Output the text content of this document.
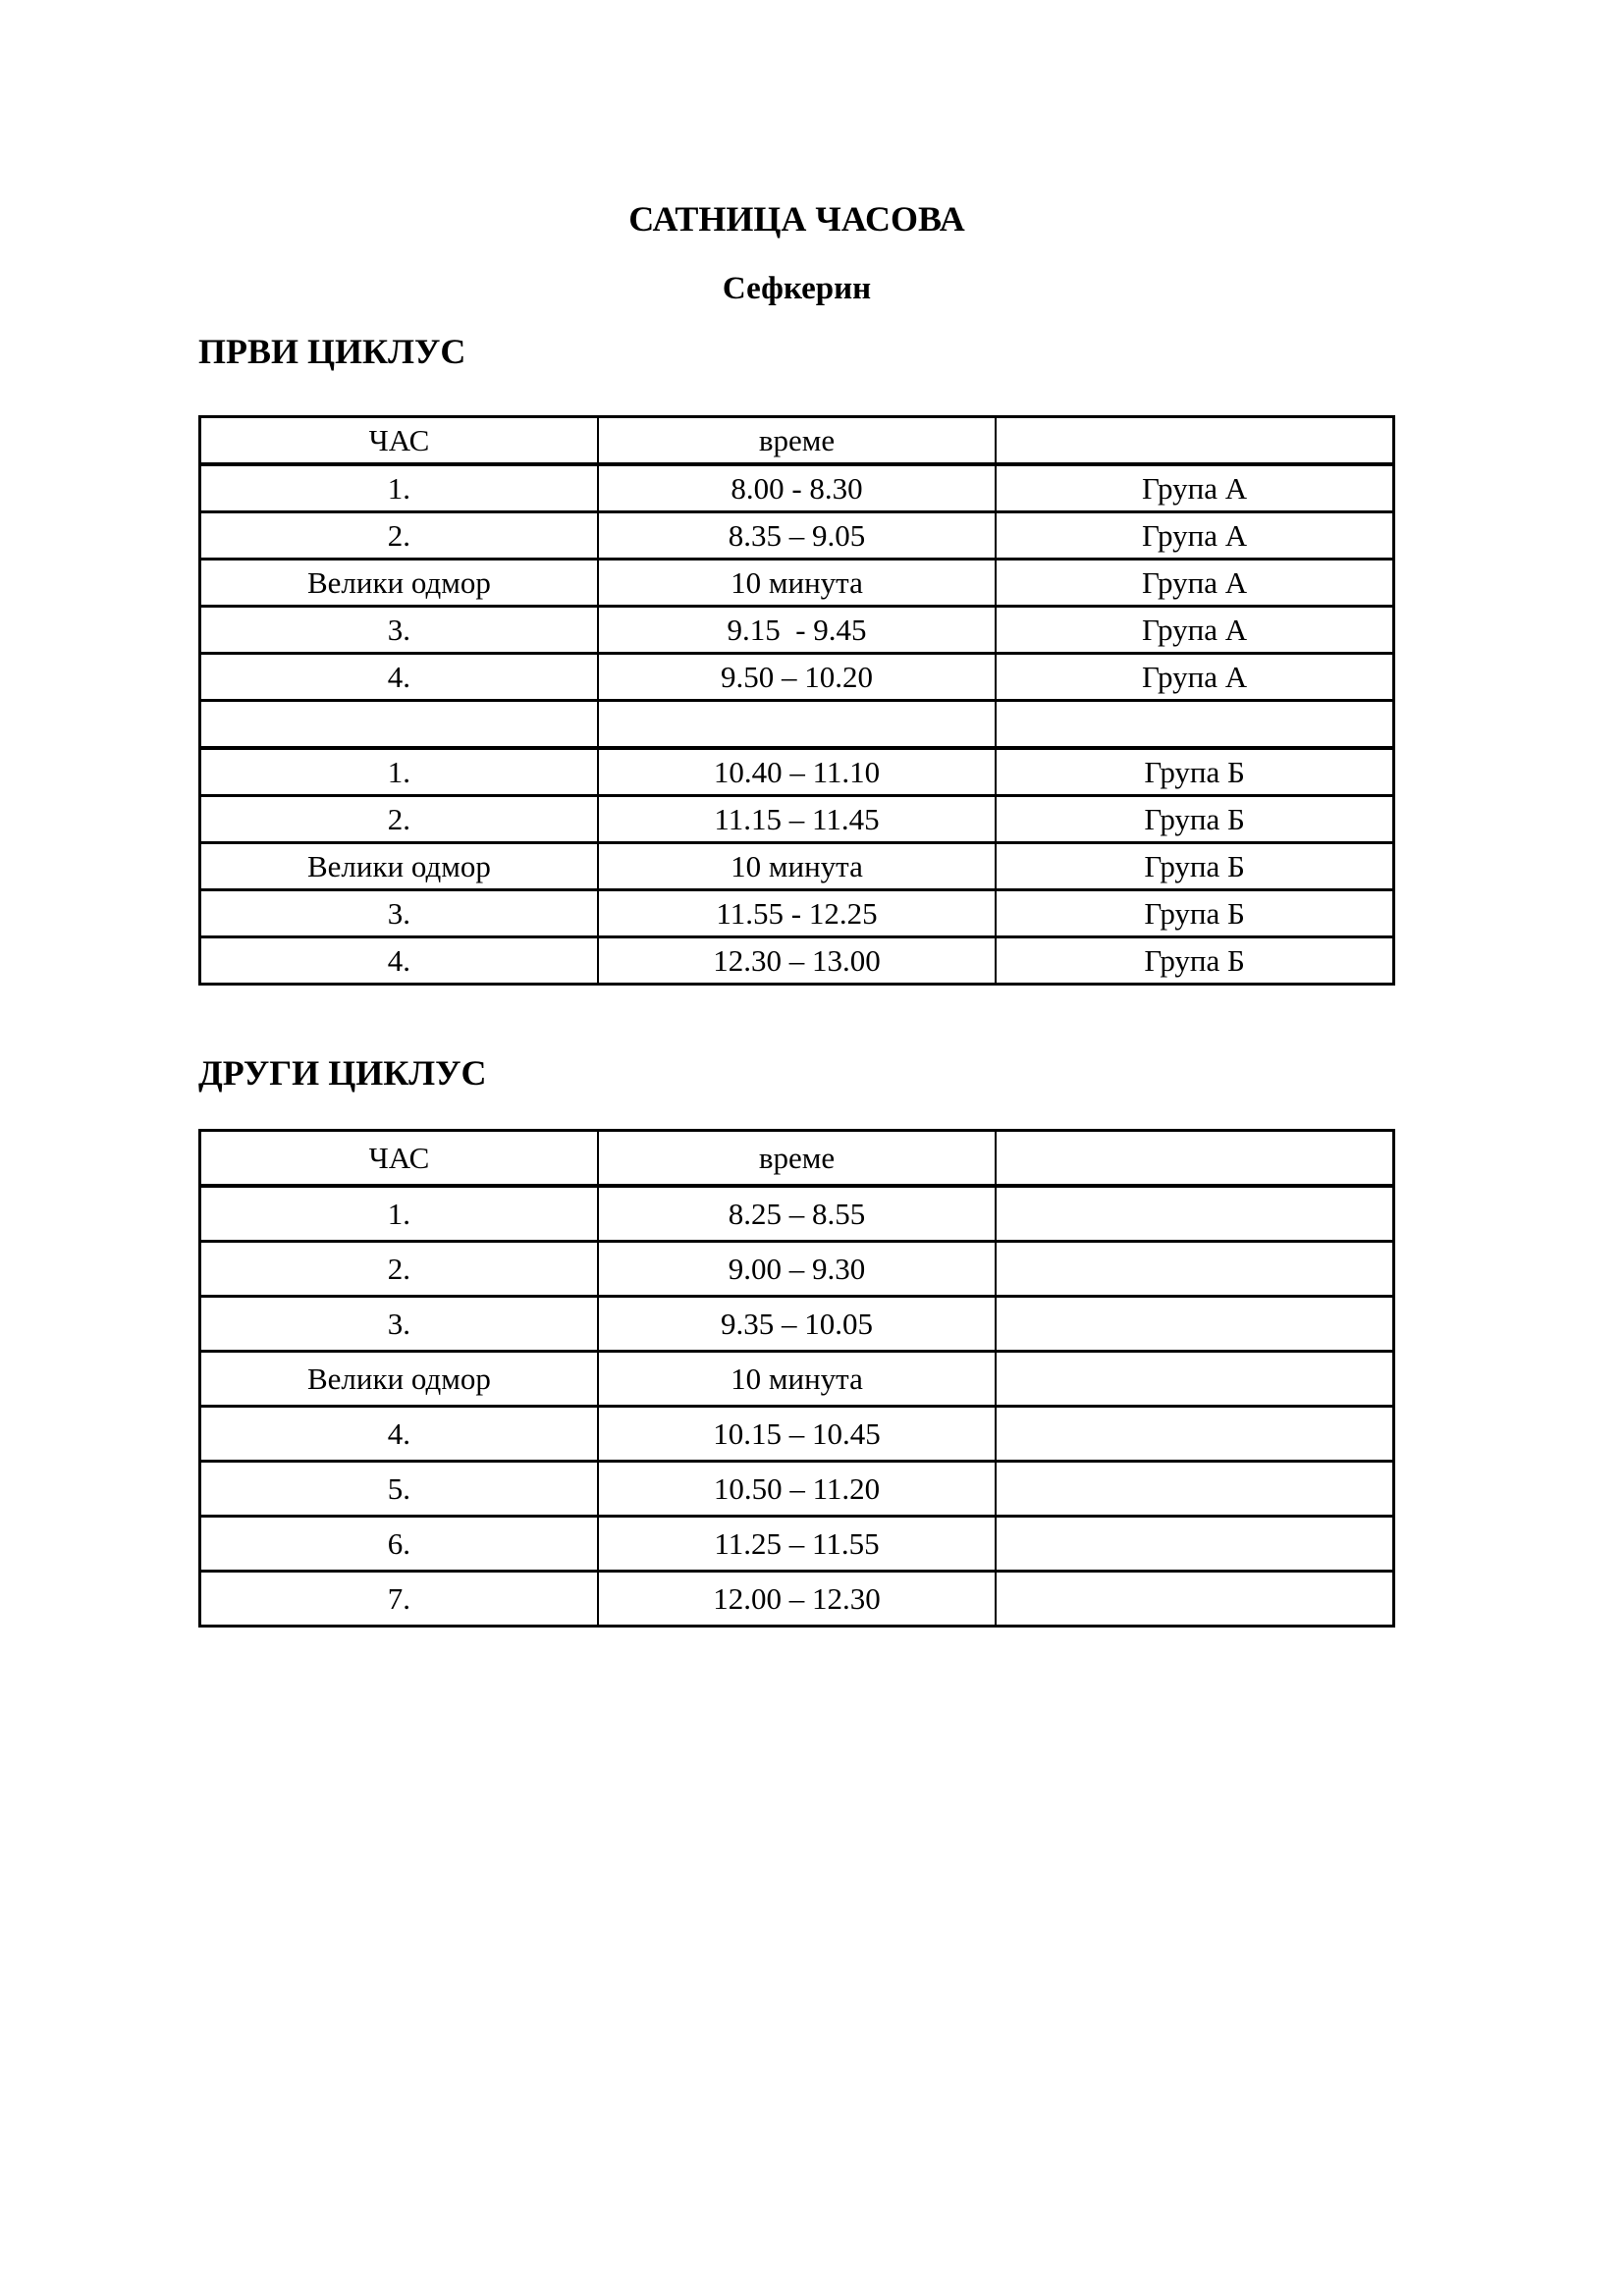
САТНИЦА ЧАСОВА
Сефкерин
ПРВИ ЦИКЛУС
ЧАС	време	
1.	8.00 - 8.30	Група А
2.	8.35 – 9.05	Група А
Велики одмор	10 минута	Група А
3.	9.15  - 9.45	Група А
4.	9.50 – 10.20	Група А

1.	10.40 – 11.10	Група Б
2.	11.15 – 11.45	Група Б
Велики одмор	10 минута	Група Б
3.	11.55 - 12.25	Група Б
4.	12.30 – 13.00	Група Б
ДРУГИ ЦИКЛУС
ЧАС	време	
1.	8.25 – 8.55	
2.	9.00 – 9.30	
3.	9.35 – 10.05	
Велики одмор	10 минута	
4.	10.15 – 10.45	
5.	10.50 – 11.20	
6.	11.25 – 11.55	
7.	12.00 – 12.30	
